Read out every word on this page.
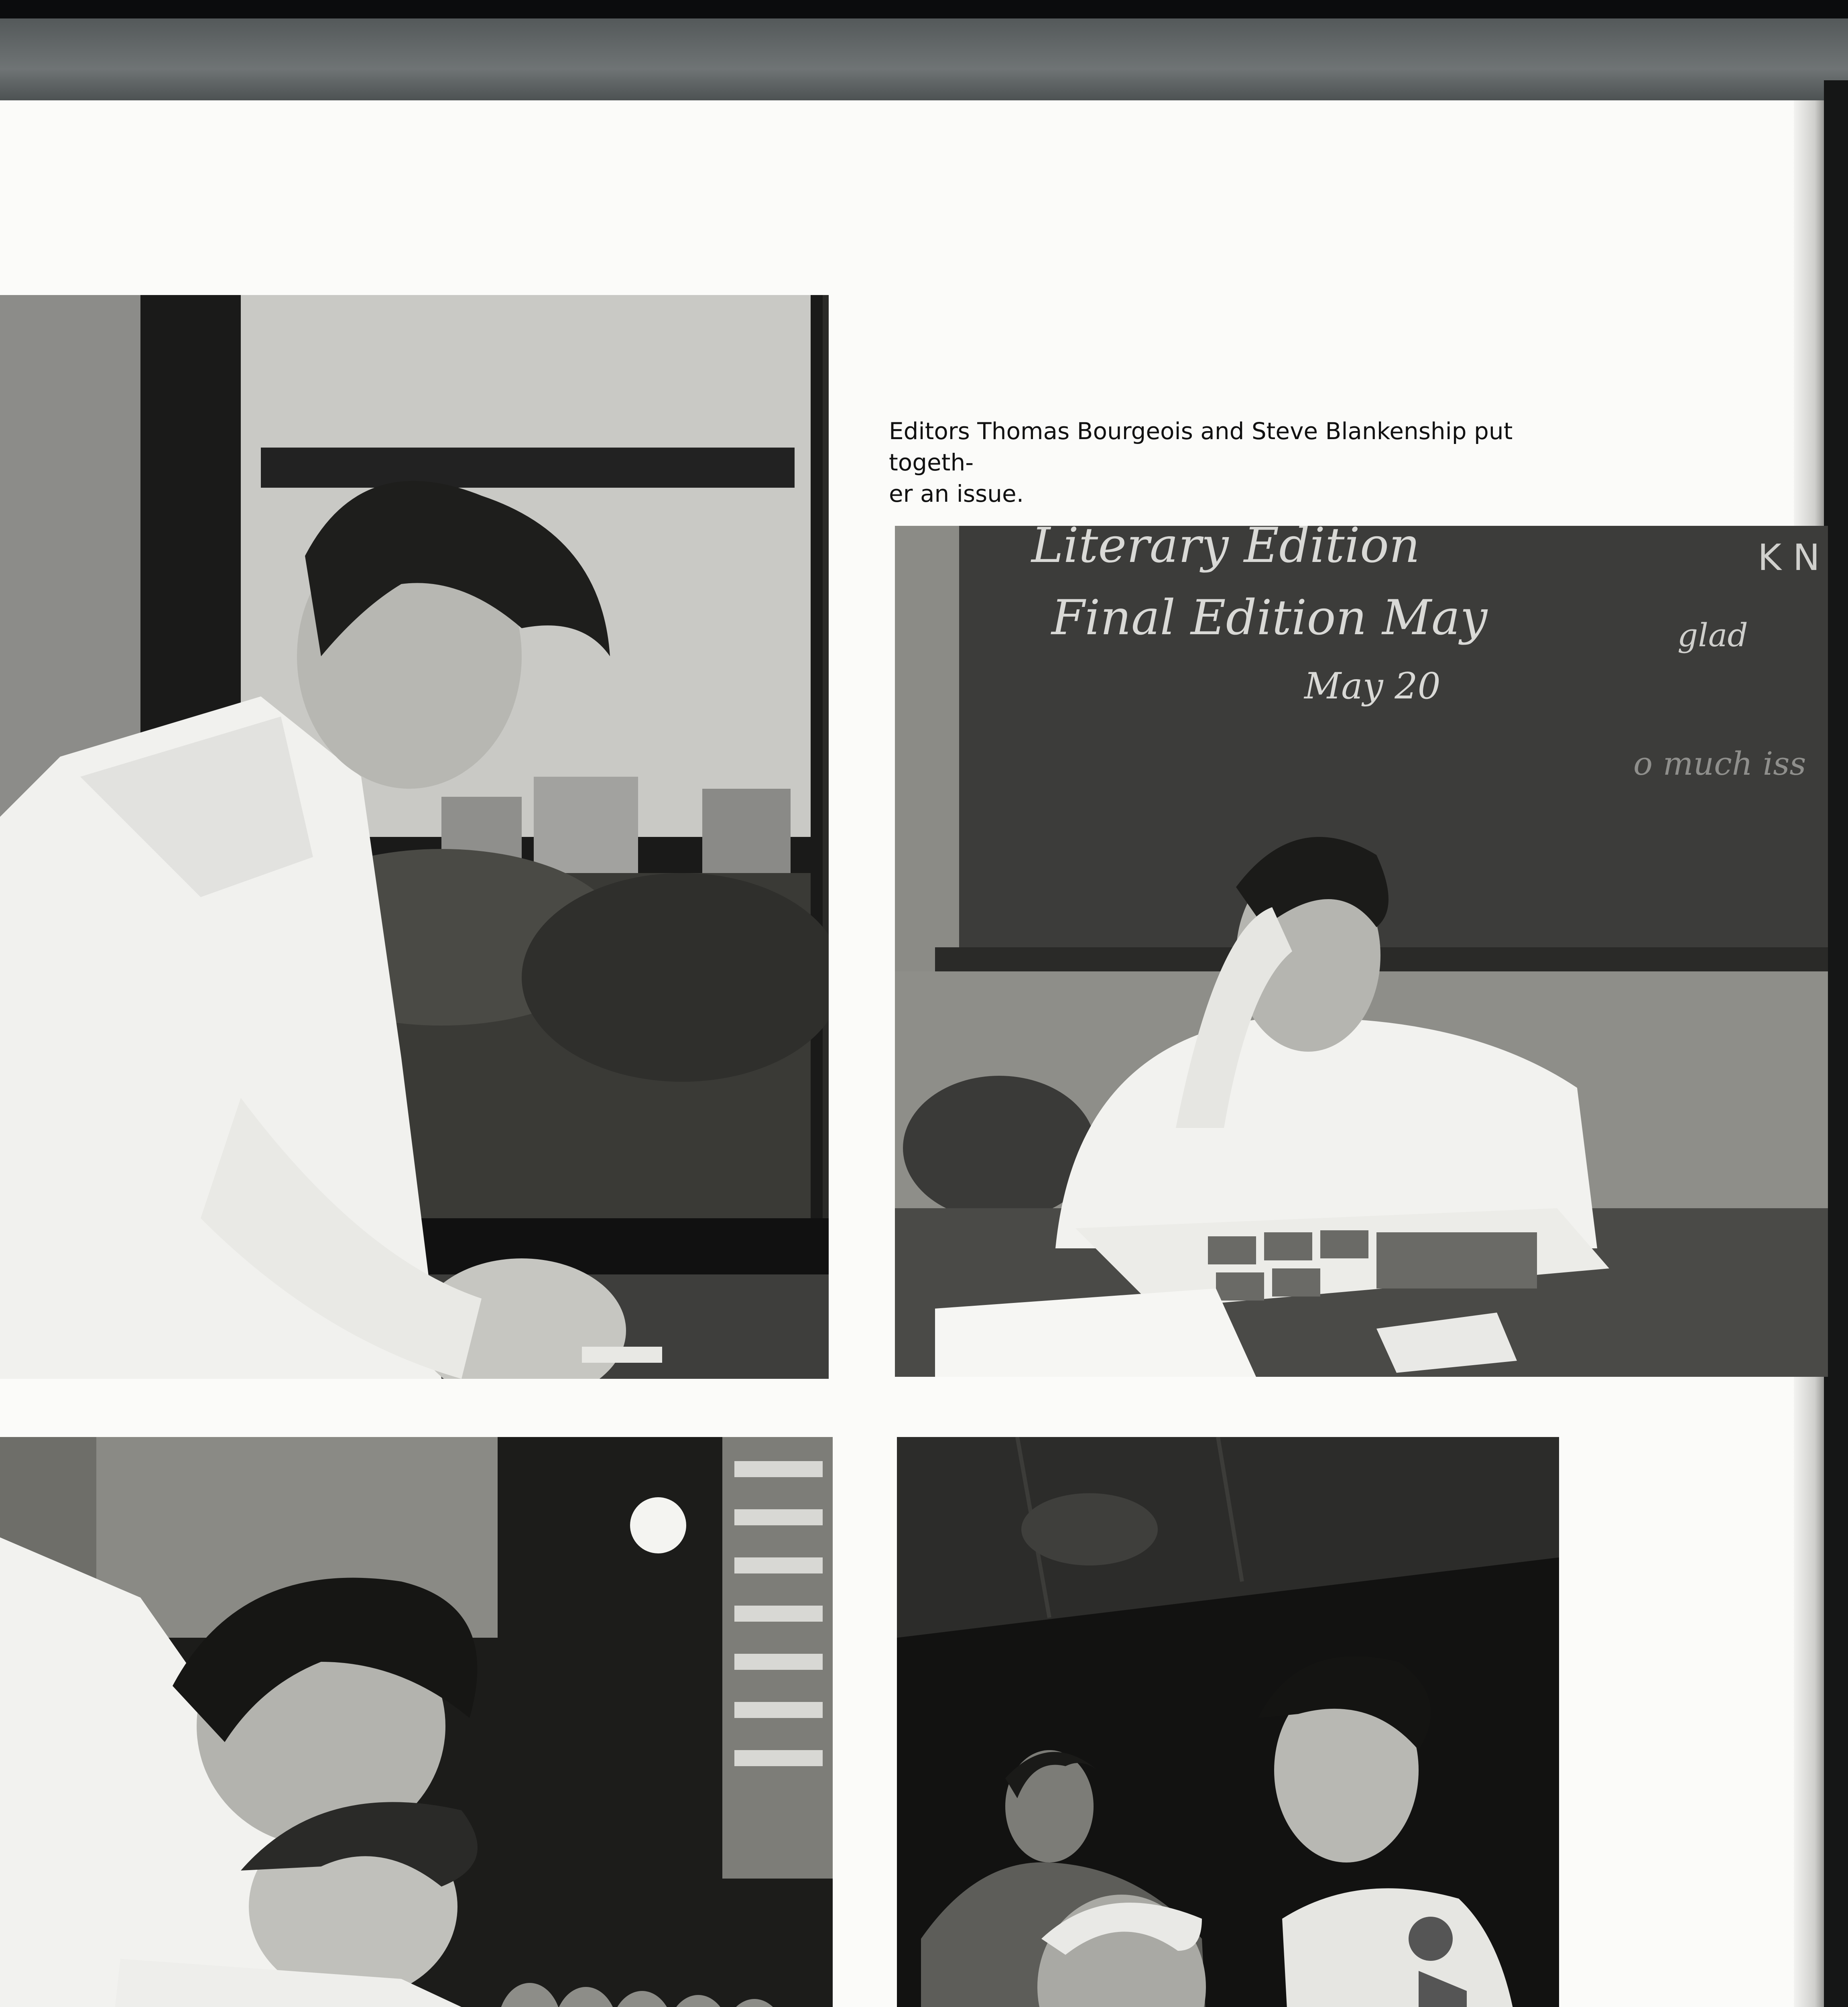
Editors Thomas Bourgeois and Steve Blankenship put togeth-
er an issue.
Literary Edition
Final Edition May
May 20
K N
glad
o much iss
